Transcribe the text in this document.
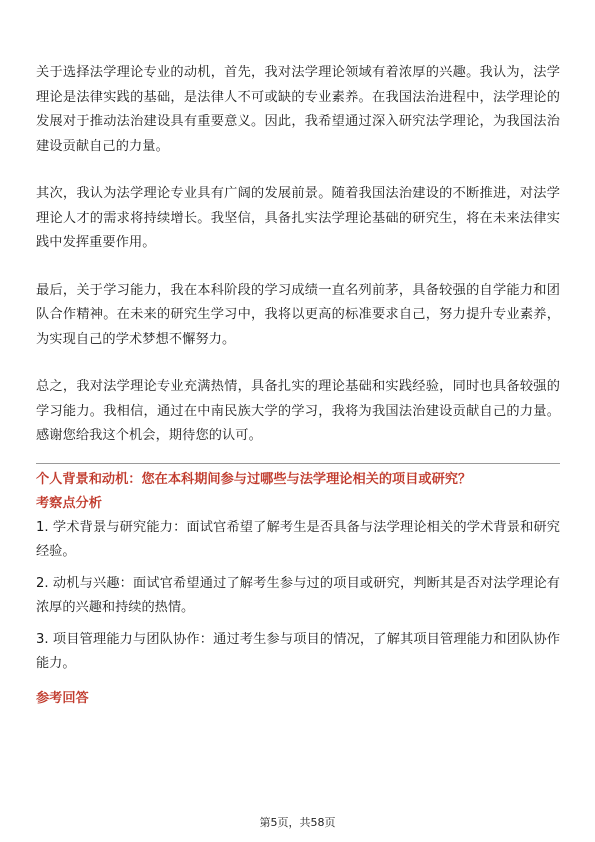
关于选择法学理论专业的动机，首先，我对法学理论领域有着浓厚的兴趣。我认为，法学理论是法律实践的基础，是法律人不可或缺的专业素养。在我国法治进程中，法学理论的发展对于推动法治建设具有重要意义。因此，我希望通过深入研究法学理论，为我国法治建设贡献自己的力量。

其次，我认为法学理论专业具有广阔的发展前景。随着我国法治建设的不断推进，对法学理论人才的需求将持续增长。我坚信，具备扎实法学理论基础的研究生，将在未来法律实践中发挥重要作用。

最后，关于学习能力，我在本科阶段的学习成绩一直名列前茅，具备较强的自学能力和团队合作精神。在未来的研究生学习中，我将以更高的标准要求自己，努力提升专业素养，为实现自己的学术梦想不懈努力。

总之，我对法学理论专业充满热情，具备扎实的理论基础和实践经验，同时也具备较强的学习能力。我相信，通过在中南民族大学的学习，我将为我国法治建设贡献自己的力量。感谢您给我这个机会，期待您的认可。

个人背景和动机：您在本科期间参与过哪些与法学理论相关的项目或研究？

考察点分析

1. 学术背景与研究能力：面试官希望了解考生是否具备与法学理论相关的学术背景和研究经验。

2. 动机与兴趣：面试官希望通过了解考生参与过的项目或研究，判断其是否对法学理论有浓厚的兴趣和持续的热情。

3. 项目管理能力与团队协作：通过考生参与项目的情况，了解其项目管理能力和团队协作能力。

参考回答

第5页，共58页
